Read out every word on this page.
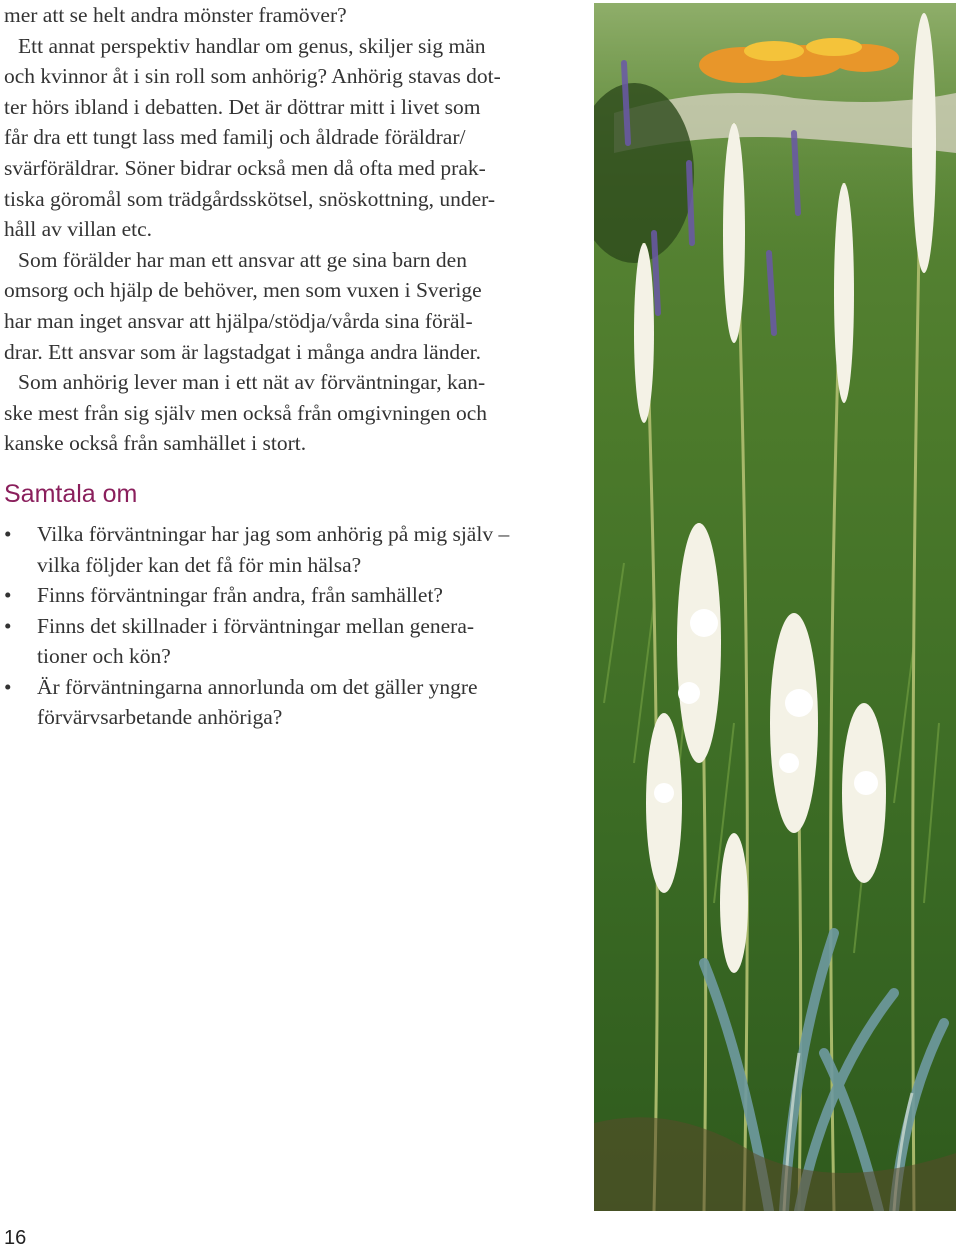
mer att se helt andra mönster framöver?

Ett annat perspektiv handlar om genus, skiljer sig män
och kvinnor åt i sin roll som anhörig? Anhörig stavas dot-
ter hörs ibland i debatten. Det är döttrar mitt i livet som
får dra ett tungt lass med familj och åldrade föräldrar/
svärföräldrar. Söner bidrar också men då ofta med prak-
tiska göromål som trädgårdsskötsel, snöskottning, under-
håll av villan etc.

Som förälder har man ett ansvar att ge sina barn den
omsorg och hjälp de behöver, men som vuxen i Sverige
har man inget ansvar att hjälpa/stödja/vårda sina föräl-
drar. Ett ansvar som är lagstadgat i många andra länder.

Som anhörig lever man i ett nät av förväntningar, kan-
ske mest från sig själv men också från omgivningen och
kanske också från samhället i stort.

Samtala om

• Vilka förväntningar har jag som anhörig på mig själv –
vilka följder kan det få för min hälsa?
• Finns förväntningar från andra, från samhället?
• Finns det skillnader i förväntningar mellan genera-
tioner och kön?
• Är förväntningarna annorlunda om det gäller yngre
förvärvsarbetande anhöriga?
16
